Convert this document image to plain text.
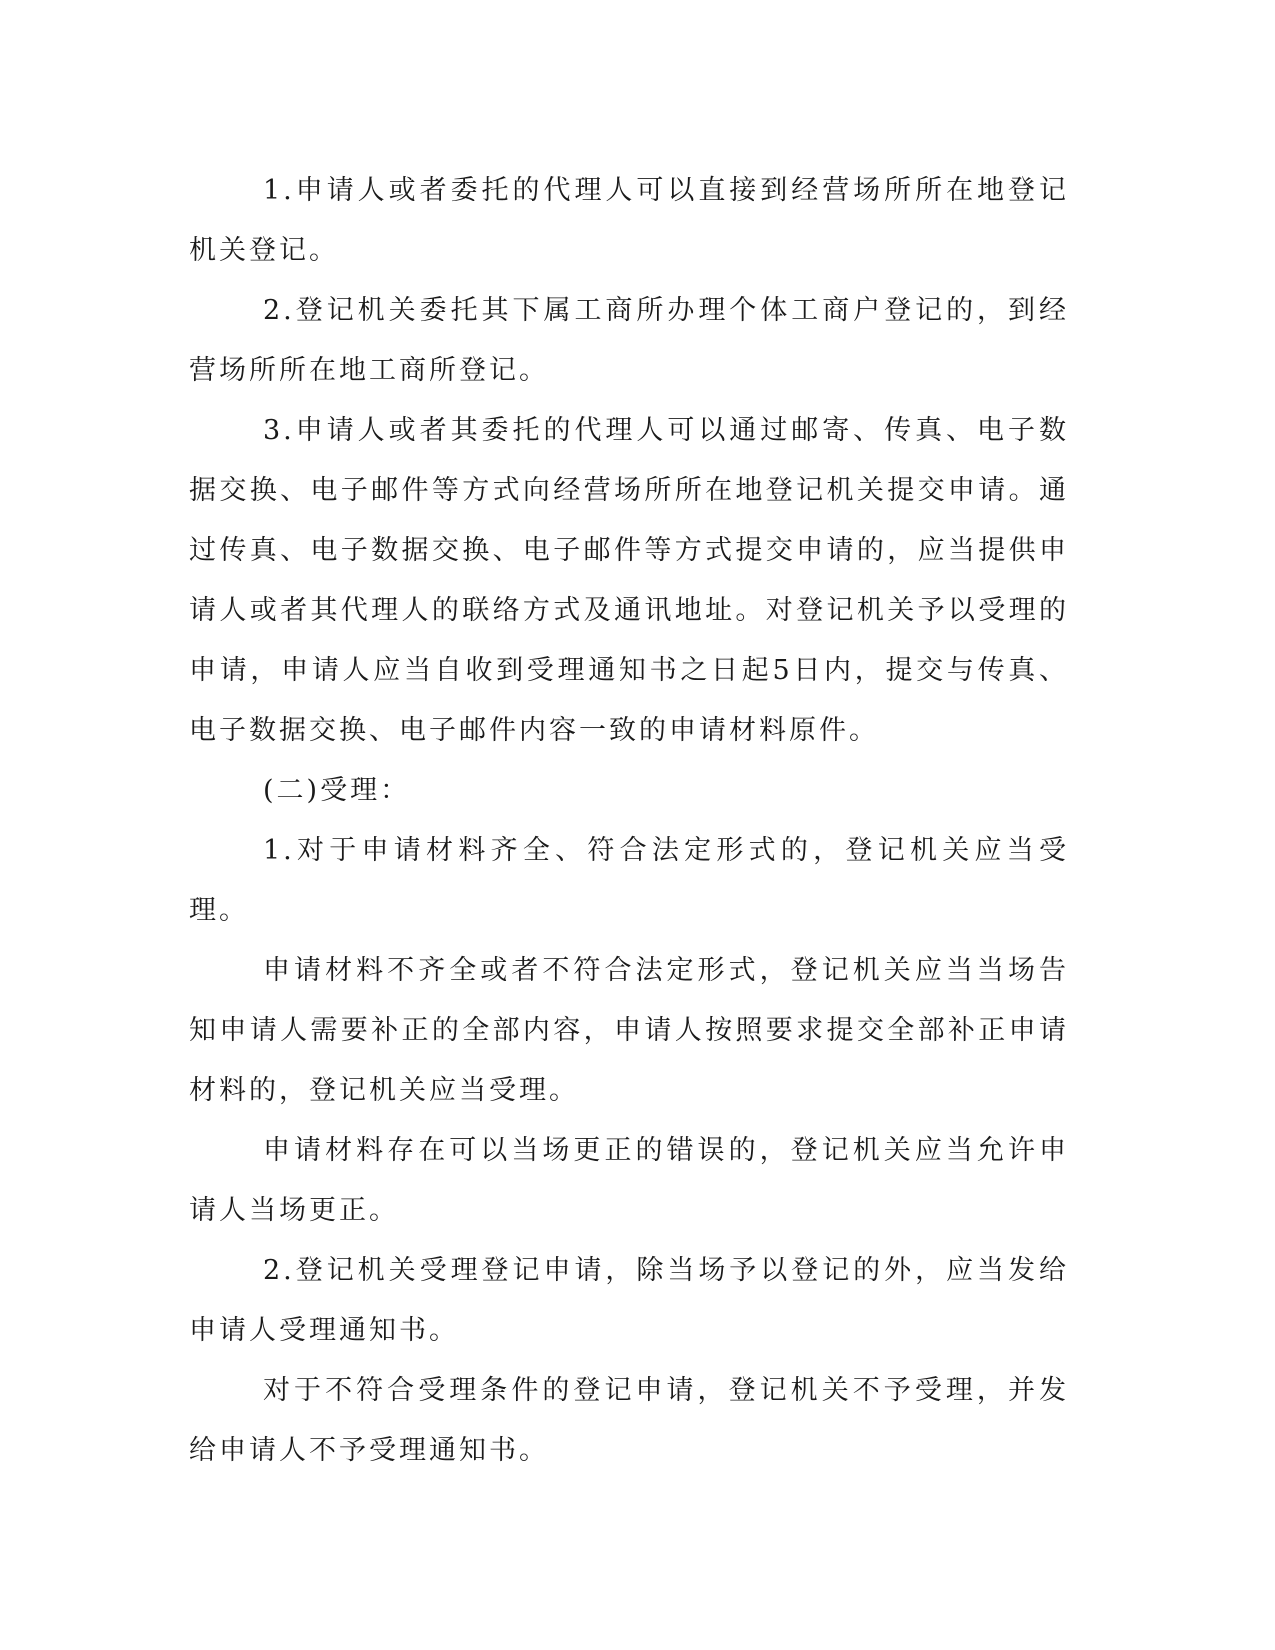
1.申请人或者委托的代理人可以直接到经营场所所在地登记机关登记。

2.登记机关委托其下属工商所办理个体工商户登记的，到经营场所所在地工商所登记。

3.申请人或者其委托的代理人可以通过邮寄、传真、电子数据交换、电子邮件等方式向经营场所所在地登记机关提交申请。通过传真、电子数据交换、电子邮件等方式提交申请的，应当提供申请人或者其代理人的联络方式及通讯地址。对登记机关予以受理的申请，申请人应当自收到受理通知书之日起5日内，提交与传真、电子数据交换、电子邮件内容一致的申请材料原件。

(二)受理：

1.对于申请材料齐全、符合法定形式的，登记机关应当受理。

申请材料不齐全或者不符合法定形式，登记机关应当当场告知申请人需要补正的全部内容，申请人按照要求提交全部补正申请材料的，登记机关应当受理。

申请材料存在可以当场更正的错误的，登记机关应当允许申请人当场更正。

2.登记机关受理登记申请，除当场予以登记的外，应当发给申请人受理通知书。

对于不符合受理条件的登记申请，登记机关不予受理，并发给申请人不予受理通知书。
